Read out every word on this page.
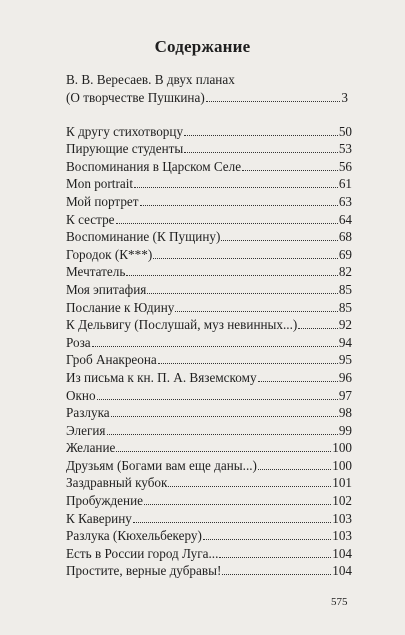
Содержание
В. В. Вересаев. В двух планах
(О творчестве Пушкина)	3
К другу стихотворцу	50
Пирующие студенты	53
Воспоминания в Царском Селе	56
Mon portrait	61
Мой портрет	63
К сестре	64
Воспоминание (К Пущину)	68
Городок (К***)	69
Мечтатель	82
Моя эпитафия	85
Послание к Юдину	85
К Дельвигу (Послушай, муз невинных...)	92
Роза	94
Гроб Анакреона	95
Из письма к кн. П. А. Вяземскому	96
Окно	97
Разлука	98
Элегия	99
Желание	100
Друзьям (Богами вам еще даны...)	100
Заздравный кубок	101
Пробуждение	102
К Каверину	103
Разлука (Кюхельбекеру)	103
Есть в России город Луга...	104
Простите, верные дубравы!	104
575
